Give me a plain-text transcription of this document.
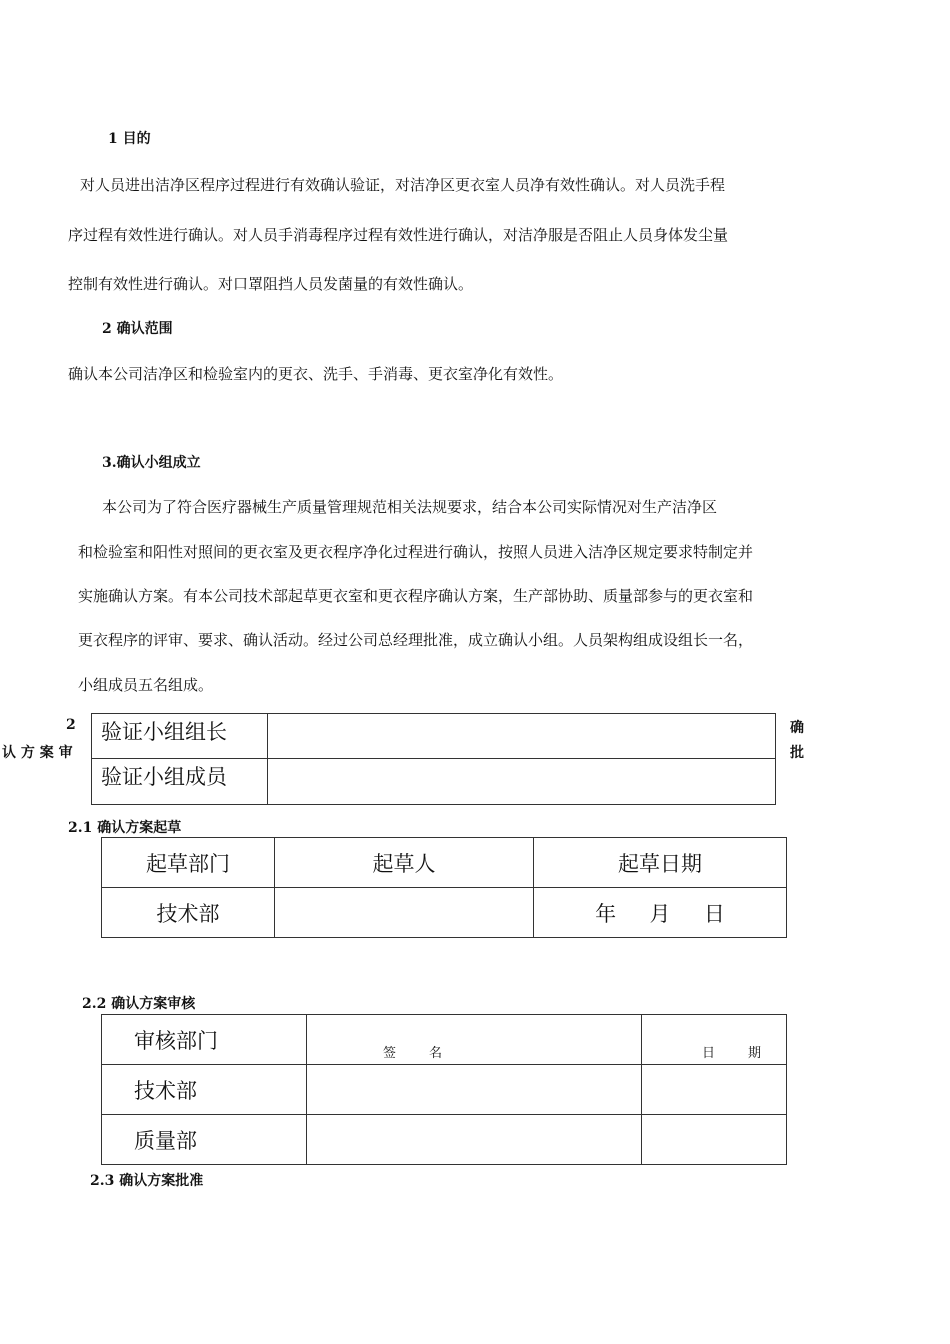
1 目的
对人员进出洁净区程序过程进行有效确认验证，对洁净区更衣室人员净有效性确认。对人员洗手程
序过程有效性进行确认。对人员手消毒程序过程有效性进行确认，对洁净服是否阻止人员身体发尘量
控制有效性进行确认。对口罩阻挡人员发菌量的有效性确认。
2 确认范围
确认本公司洁净区和检验室内的更衣、洗手、手消毒、更衣室净化有效性。
3.确认小组成立
本公司为了符合医疗器械生产质量管理规范相关法规要求，结合本公司实际情况对生产洁净区
和检验室和阳性对照间的更衣室及更衣程序净化过程进行确认，按照人员进入洁净区规定要求特制定并
实施确认方案。有本公司技术部起草更衣室和更衣程序确认方案，生产部协助、质量部参与的更衣室和
更衣程序的评审、要求、确认活动。经过公司总经理批准，成立确认小组。人员架构组成设组长一名，
小组成员五名组成。
2
认 方 案 审
确
批
验证小组组长	
验证小组成员	
2.1 确认方案起草
起草部门	起草人	起草日期
技术部		年     月     日
2.2 确认方案审核
审核部门	签        名	日        期
技术部		
质量部		
2.3 确认方案批准
